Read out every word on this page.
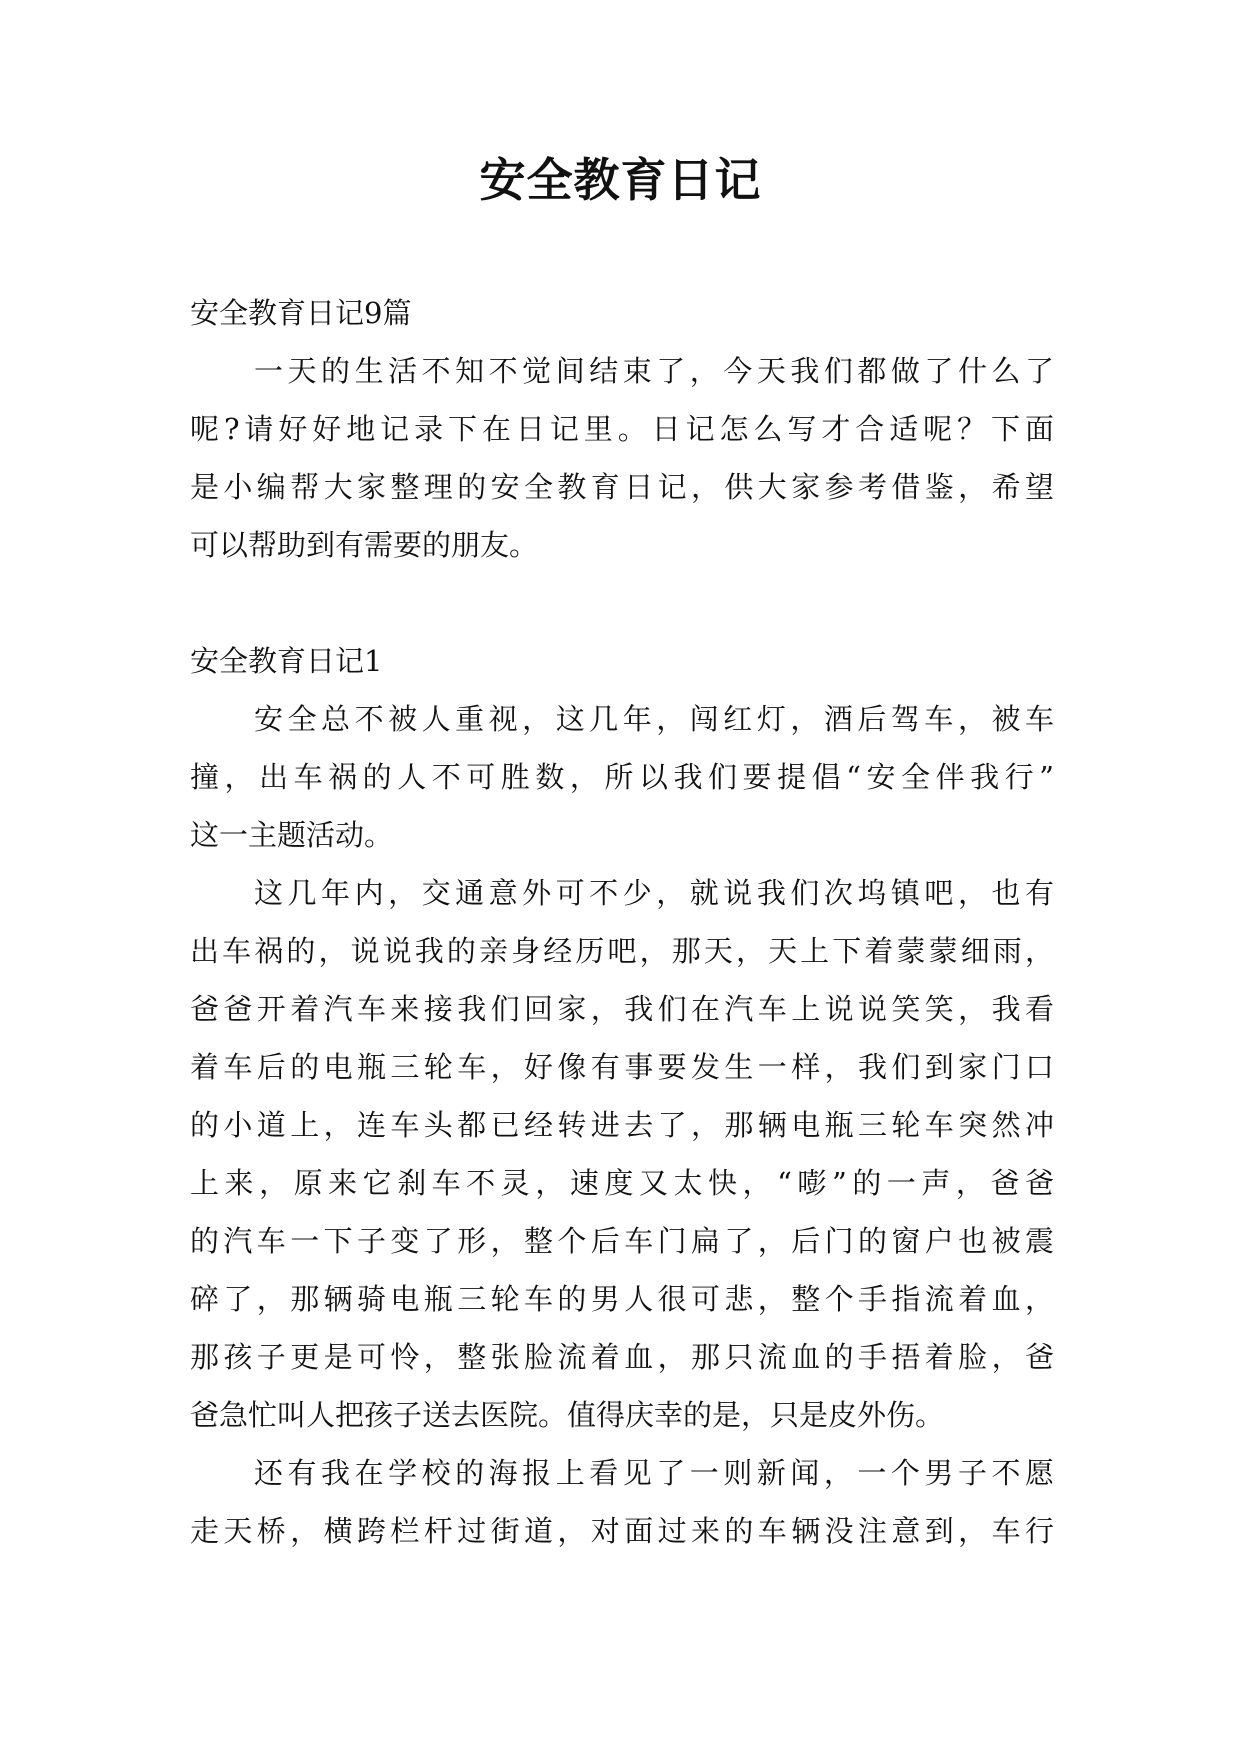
安全教育日记
安全教育日记9篇
一天的生活不知不觉间结束了，今天我们都做了什么了
呢?请好好地记录下在日记里。日记怎么写才合适呢？下面
是小编帮大家整理的安全教育日记，供大家参考借鉴，希望
可以帮助到有需要的朋友。
安全教育日记1
安全总不被人重视，这几年，闯红灯，酒后驾车，被车
撞，出车祸的人不可胜数，所以我们要提倡“安全伴我行”
这一主题活动。
这几年内，交通意外可不少，就说我们次坞镇吧，也有
出车祸的，说说我的亲身经历吧，那天，天上下着蒙蒙细雨，
爸爸开着汽车来接我们回家，我们在汽车上说说笑笑，我看
着车后的电瓶三轮车，好像有事要发生一样，我们到家门口
的小道上，连车头都已经转进去了，那辆电瓶三轮车突然冲
上来，原来它刹车不灵，速度又太快，“嘭”的一声，爸爸
的汽车一下子变了形，整个后车门扁了，后门的窗户也被震
碎了，那辆骑电瓶三轮车的男人很可悲，整个手指流着血，
那孩子更是可怜，整张脸流着血，那只流血的手捂着脸，爸
爸急忙叫人把孩子送去医院。值得庆幸的是，只是皮外伤。
还有我在学校的海报上看见了一则新闻，一个男子不愿
走天桥，横跨栏杆过街道，对面过来的车辆没注意到，车行
